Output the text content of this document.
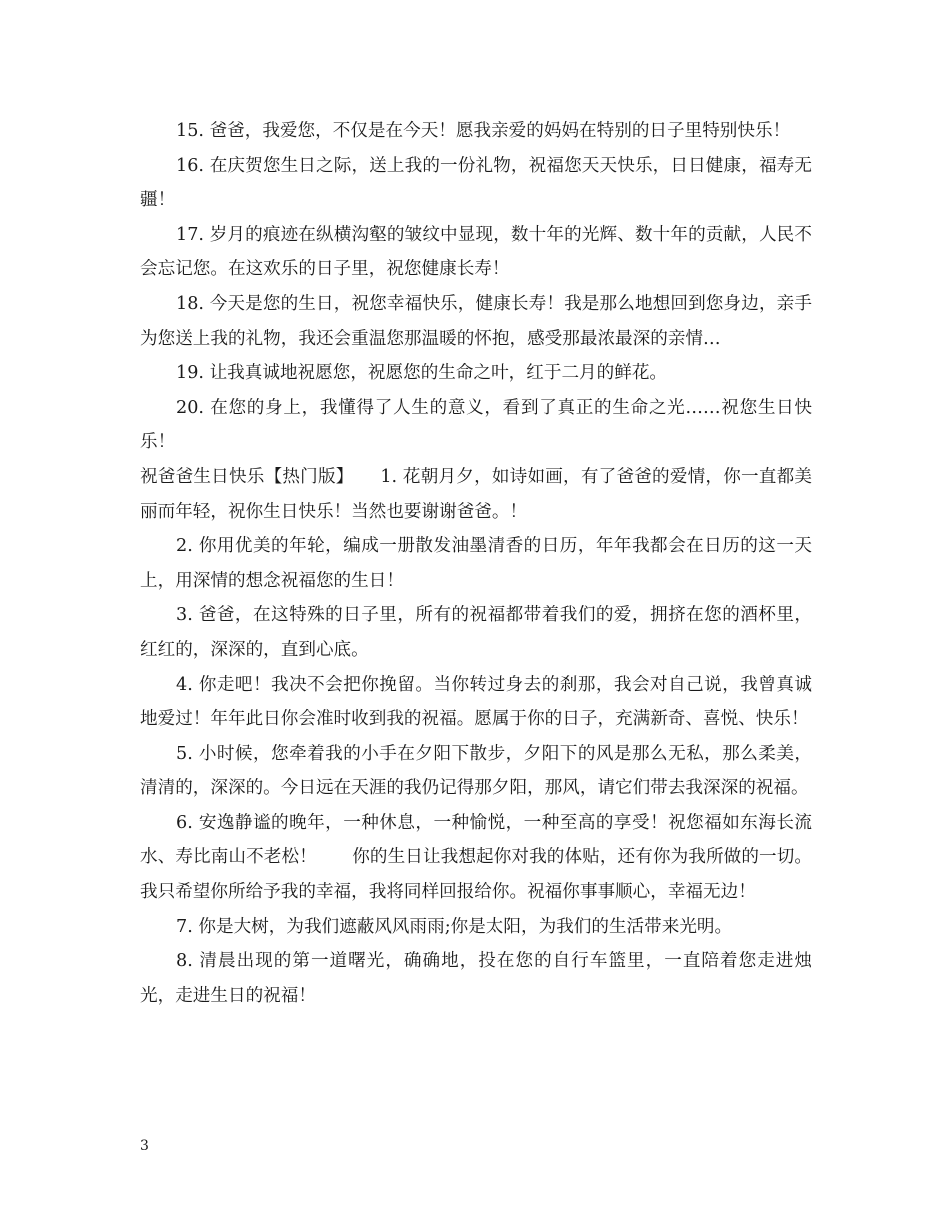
15. 爸爸，我爱您，不仅是在今天！愿我亲爱的妈妈在特别的日子里特别快乐！

16. 在庆贺您生日之际，送上我的一份礼物，祝福您天天快乐，日日健康，福寿无疆！

17. 岁月的痕迹在纵横沟壑的皱纹中显现，数十年的光辉、数十年的贡献，人民不会忘记您。在这欢乐的日子里，祝您健康长寿！

18. 今天是您的生日，祝您幸福快乐，健康长寿！我是那么地想回到您身边，亲手为您送上我的礼物，我还会重温您那温暖的怀抱，感受那最浓最深的亲情…

19. 让我真诚地祝愿您，祝愿您的生命之叶，红于二月的鲜花。

20. 在您的身上，我懂得了人生的意义，看到了真正的生命之光……祝您生日快乐！

祝爸爸生日快乐【热门版】　　1. 花朝月夕，如诗如画，有了爸爸的爱情，你一直都美丽而年轻，祝你生日快乐！当然也要谢谢爸爸。！

2. 你用优美的年轮，编成一册散发油墨清香的日历，年年我都会在日历的这一天上，用深情的想念祝福您的生日！

3. 爸爸，在这特殊的日子里，所有的祝福都带着我们的爱，拥挤在您的酒杯里，红红的，深深的，直到心底。

4. 你走吧！我决不会把你挽留。当你转过身去的刹那，我会对自己说，我曾真诚地爱过！年年此日你会准时收到我的祝福。愿属于你的日子，充满新奇、喜悦、快乐！

5. 小时候，您牵着我的小手在夕阳下散步，夕阳下的风是那么无私，那么柔美，清清的，深深的。今日远在天涯的我仍记得那夕阳，那风，请它们带去我深深的祝福。

6. 安逸静谧的晚年，一种休息，一种愉悦，一种至高的享受！祝您福如东海长流水、寿比南山不老松！　　你的生日让我想起你对我的体贴，还有你为我所做的一切。我只希望你所给予我的幸福，我将同样回报给你。祝福你事事顺心，幸福无边！

7. 你是大树，为我们遮蔽风风雨雨;你是太阳，为我们的生活带来光明。

8. 清晨出现的第一道曙光，确确地，投在您的自行车篮里，一直陪着您走进烛光，走进生日的祝福！

3
